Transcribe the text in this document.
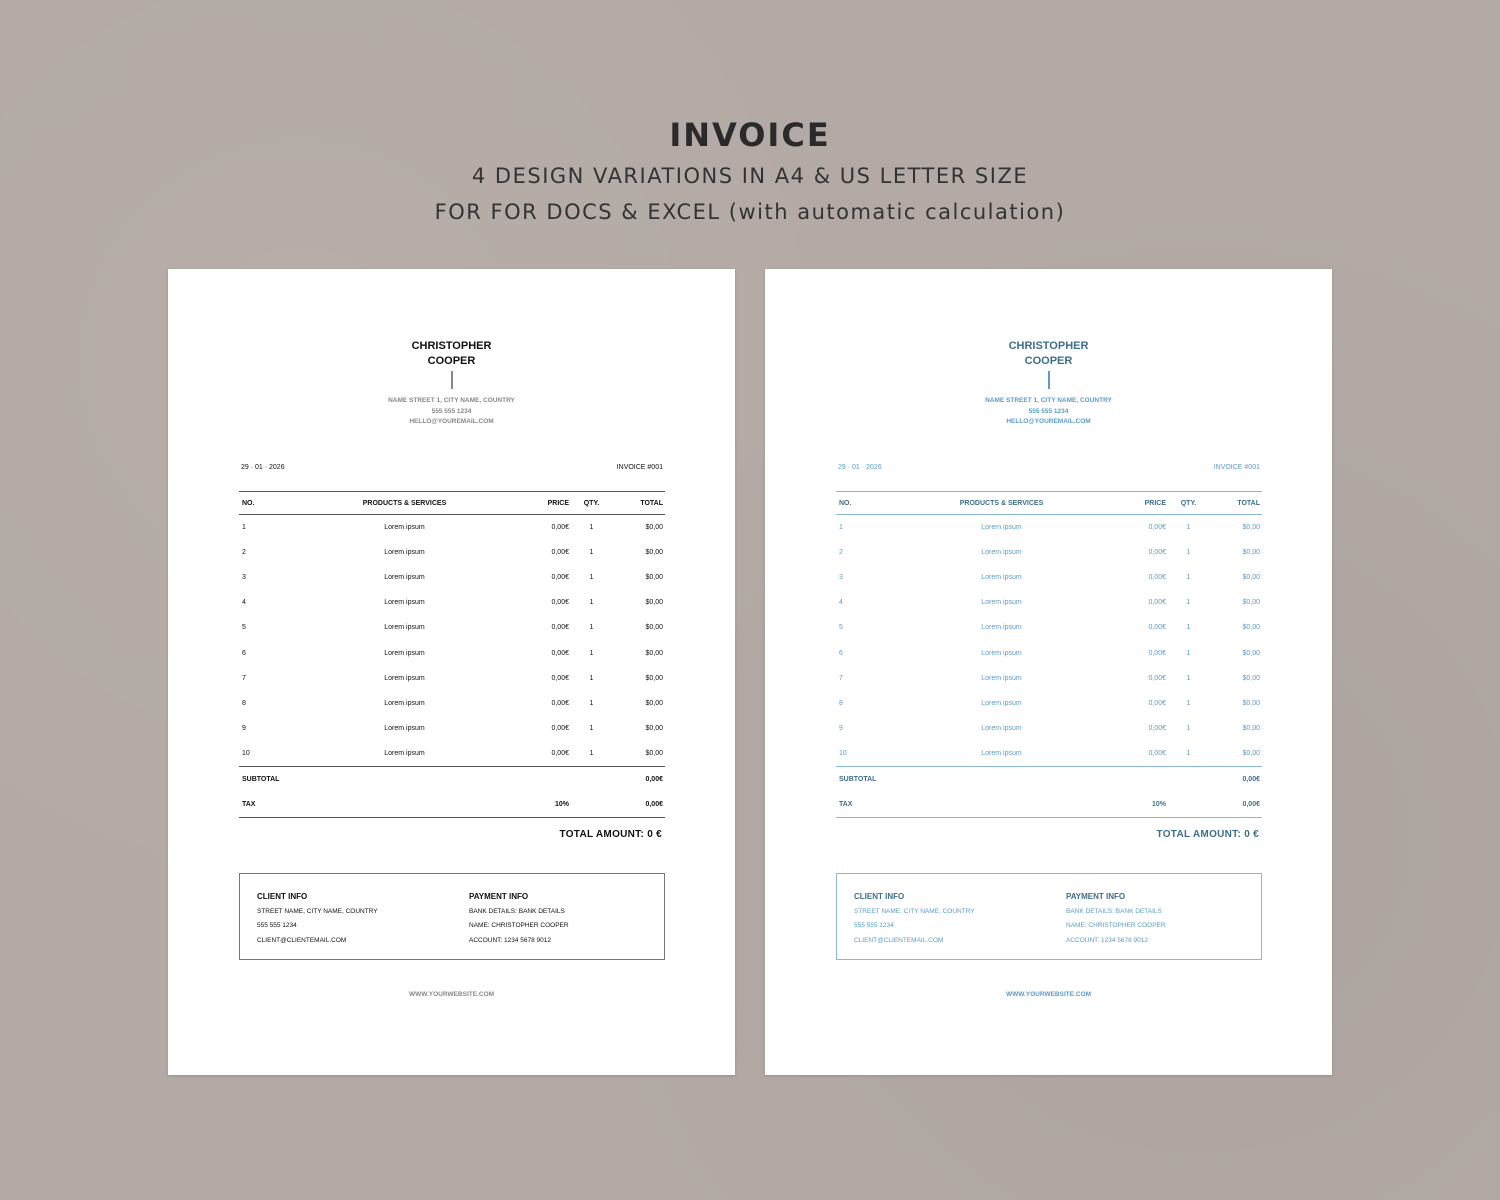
INVOICE

4 DESIGN VARIATIONS IN A4 & US LETTER SIZE

FOR FOR DOCS & EXCEL (with automatic calculation)

CHRISTOPHER
COOPER
NAME STREET 1, CITY NAME, COUNTRY
555 555 1234
HELLO@YOUREMAIL.COM
29 · 01 · 2026	INVOICE #001
NO.	PRODUCTS & SERVICES	PRICE	QTY.	TOTAL
1	Lorem ipsum	0,00€	1	$0,00
2	Lorem ipsum	0,00€	1	$0,00
3	Lorem ipsum	0,00€	1	$0,00
4	Lorem ipsum	0,00€	1	$0,00
5	Lorem ipsum	0,00€	1	$0,00
6	Lorem ipsum	0,00€	1	$0,00
7	Lorem ipsum	0,00€	1	$0,00
8	Lorem ipsum	0,00€	1	$0,00
9	Lorem ipsum	0,00€	1	$0,00
10	Lorem ipsum	0,00€	1	$0,00
SUBTOTAL				0,00€
TAX		10%		0,00€
TOTAL AMOUNT: 0 €
CLIENT INFO
STREET NAME, CITY NAME, COUNTRY
555 555 1234
CLIENT@CLIENTEMAIL.COM
PAYMENT INFO
BANK DETAILS: BANK DETAILS
NAME: CHRISTOPHER COOPER
ACCOUNT: 1234 5678 9012
WWW.YOURWEBSITE.COM
CHRISTOPHER
COOPER
NAME STREET 1, CITY NAME, COUNTRY
555 555 1234
HELLO@YOUREMAIL.COM
29 · 01 · 2026	INVOICE #001
NO.	PRODUCTS & SERVICES	PRICE	QTY.	TOTAL
1	Lorem ipsum	0,00€	1	$0,00
2	Lorem ipsum	0,00€	1	$0,00
3	Lorem ipsum	0,00€	1	$0,00
4	Lorem ipsum	0,00€	1	$0,00
5	Lorem ipsum	0,00€	1	$0,00
6	Lorem ipsum	0,00€	1	$0,00
7	Lorem ipsum	0,00€	1	$0,00
8	Lorem ipsum	0,00€	1	$0,00
9	Lorem ipsum	0,00€	1	$0,00
10	Lorem ipsum	0,00€	1	$0,00
SUBTOTAL				0,00€
TAX		10%		0,00€
TOTAL AMOUNT: 0 €
CLIENT INFO
STREET NAME, CITY NAME, COUNTRY
555 555 1234
CLIENT@CLIENTEMAIL.COM
PAYMENT INFO
BANK DETAILS: BANK DETAILS
NAME: CHRISTOPHER COOPER
ACCOUNT: 1234 5678 9012
WWW.YOURWEBSITE.COM
